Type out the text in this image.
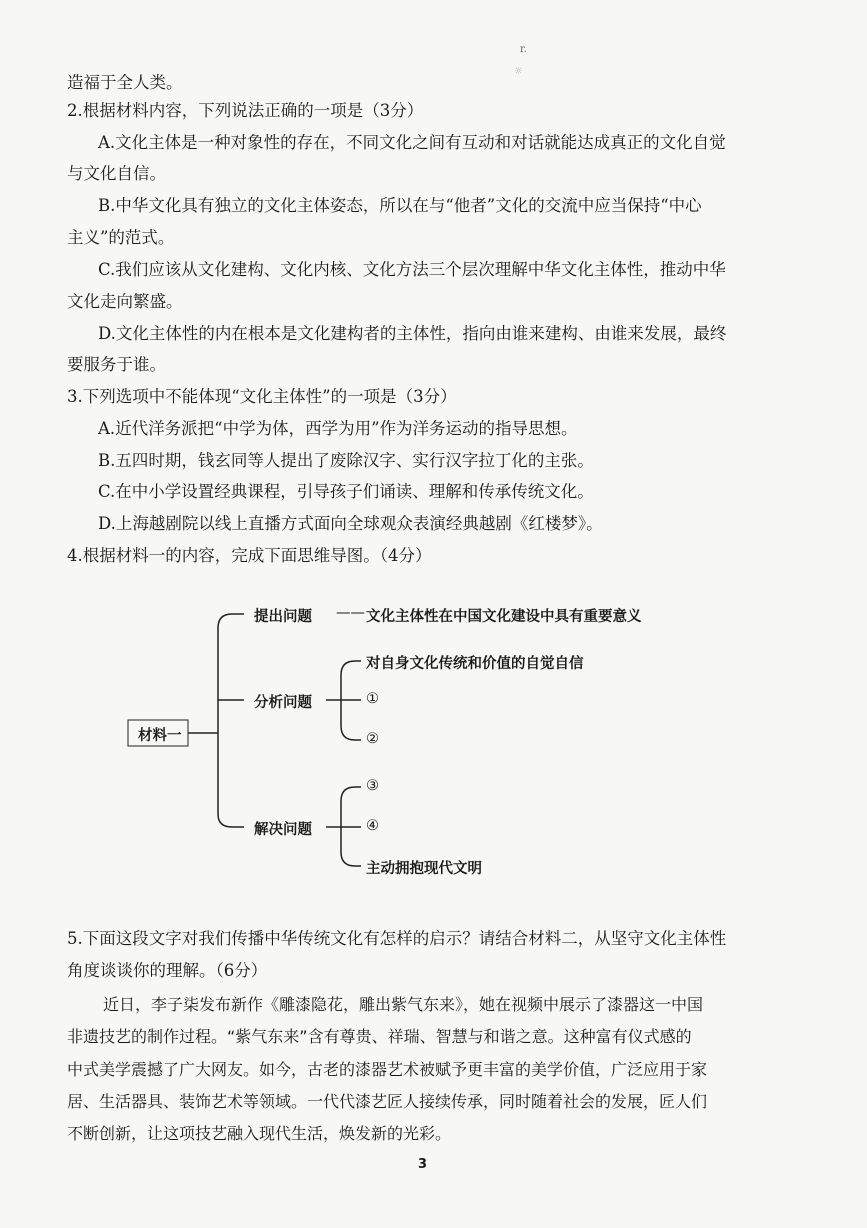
r.
☼
造福于全人类。
2.根据材料内容，下列说法正确的一项是（3分）
A.文化主体是一种对象性的存在，不同文化之间有互动和对话就能达成真正的文化自觉
与文化自信。
B.中华文化具有独立的文化主体姿态，所以在与“他者”文化的交流中应当保持“中心
主义”的范式。
C.我们应该从文化建构、文化内核、文化方法三个层次理解中华文化主体性，推动中华
文化走向繁盛。
D.文化主体性的内在根本是文化建构者的主体性，指向由谁来建构、由谁来发展，最终
要服务于谁。
3.下列选项中不能体现“文化主体性”的一项是（3分）
A.近代洋务派把“中学为体，西学为用”作为洋务运动的指导思想。
B.五四时期，钱玄同等人提出了废除汉字、实行汉字拉丁化的主张。
C.在中小学设置经典课程，引导孩子们诵读、理解和传承传统文化。
D.上海越剧院以线上直播方式面向全球观众表演经典越剧《红楼梦》。
4.根据材料一的内容，完成下面思维导图。（4分）
材料一
提出问题 —— 文化主体性在中国文化建设中具有重要意义
分析问题
对自身文化传统和价值的自觉自信
①
②
解决问题
③
④
主动拥抱现代文明
5.下面这段文字对我们传播中华传统文化有怎样的启示？请结合材料二，从坚守文化主体性
角度谈谈你的理解。（6分）
近日，李子柒发布新作《雕漆隐花，雕出紫气东来》，她在视频中展示了漆器这一中国
非遗技艺的制作过程。“紫气东来”含有尊贵、祥瑞、智慧与和谐之意。这种富有仪式感的
中式美学震撼了广大网友。如今，古老的漆器艺术被赋予更丰富的美学价值，广泛应用于家
居、生活器具、装饰艺术等领域。一代代漆艺匠人接续传承，同时随着社会的发展，匠人们
不断创新，让这项技艺融入现代生活，焕发新的光彩。
3
